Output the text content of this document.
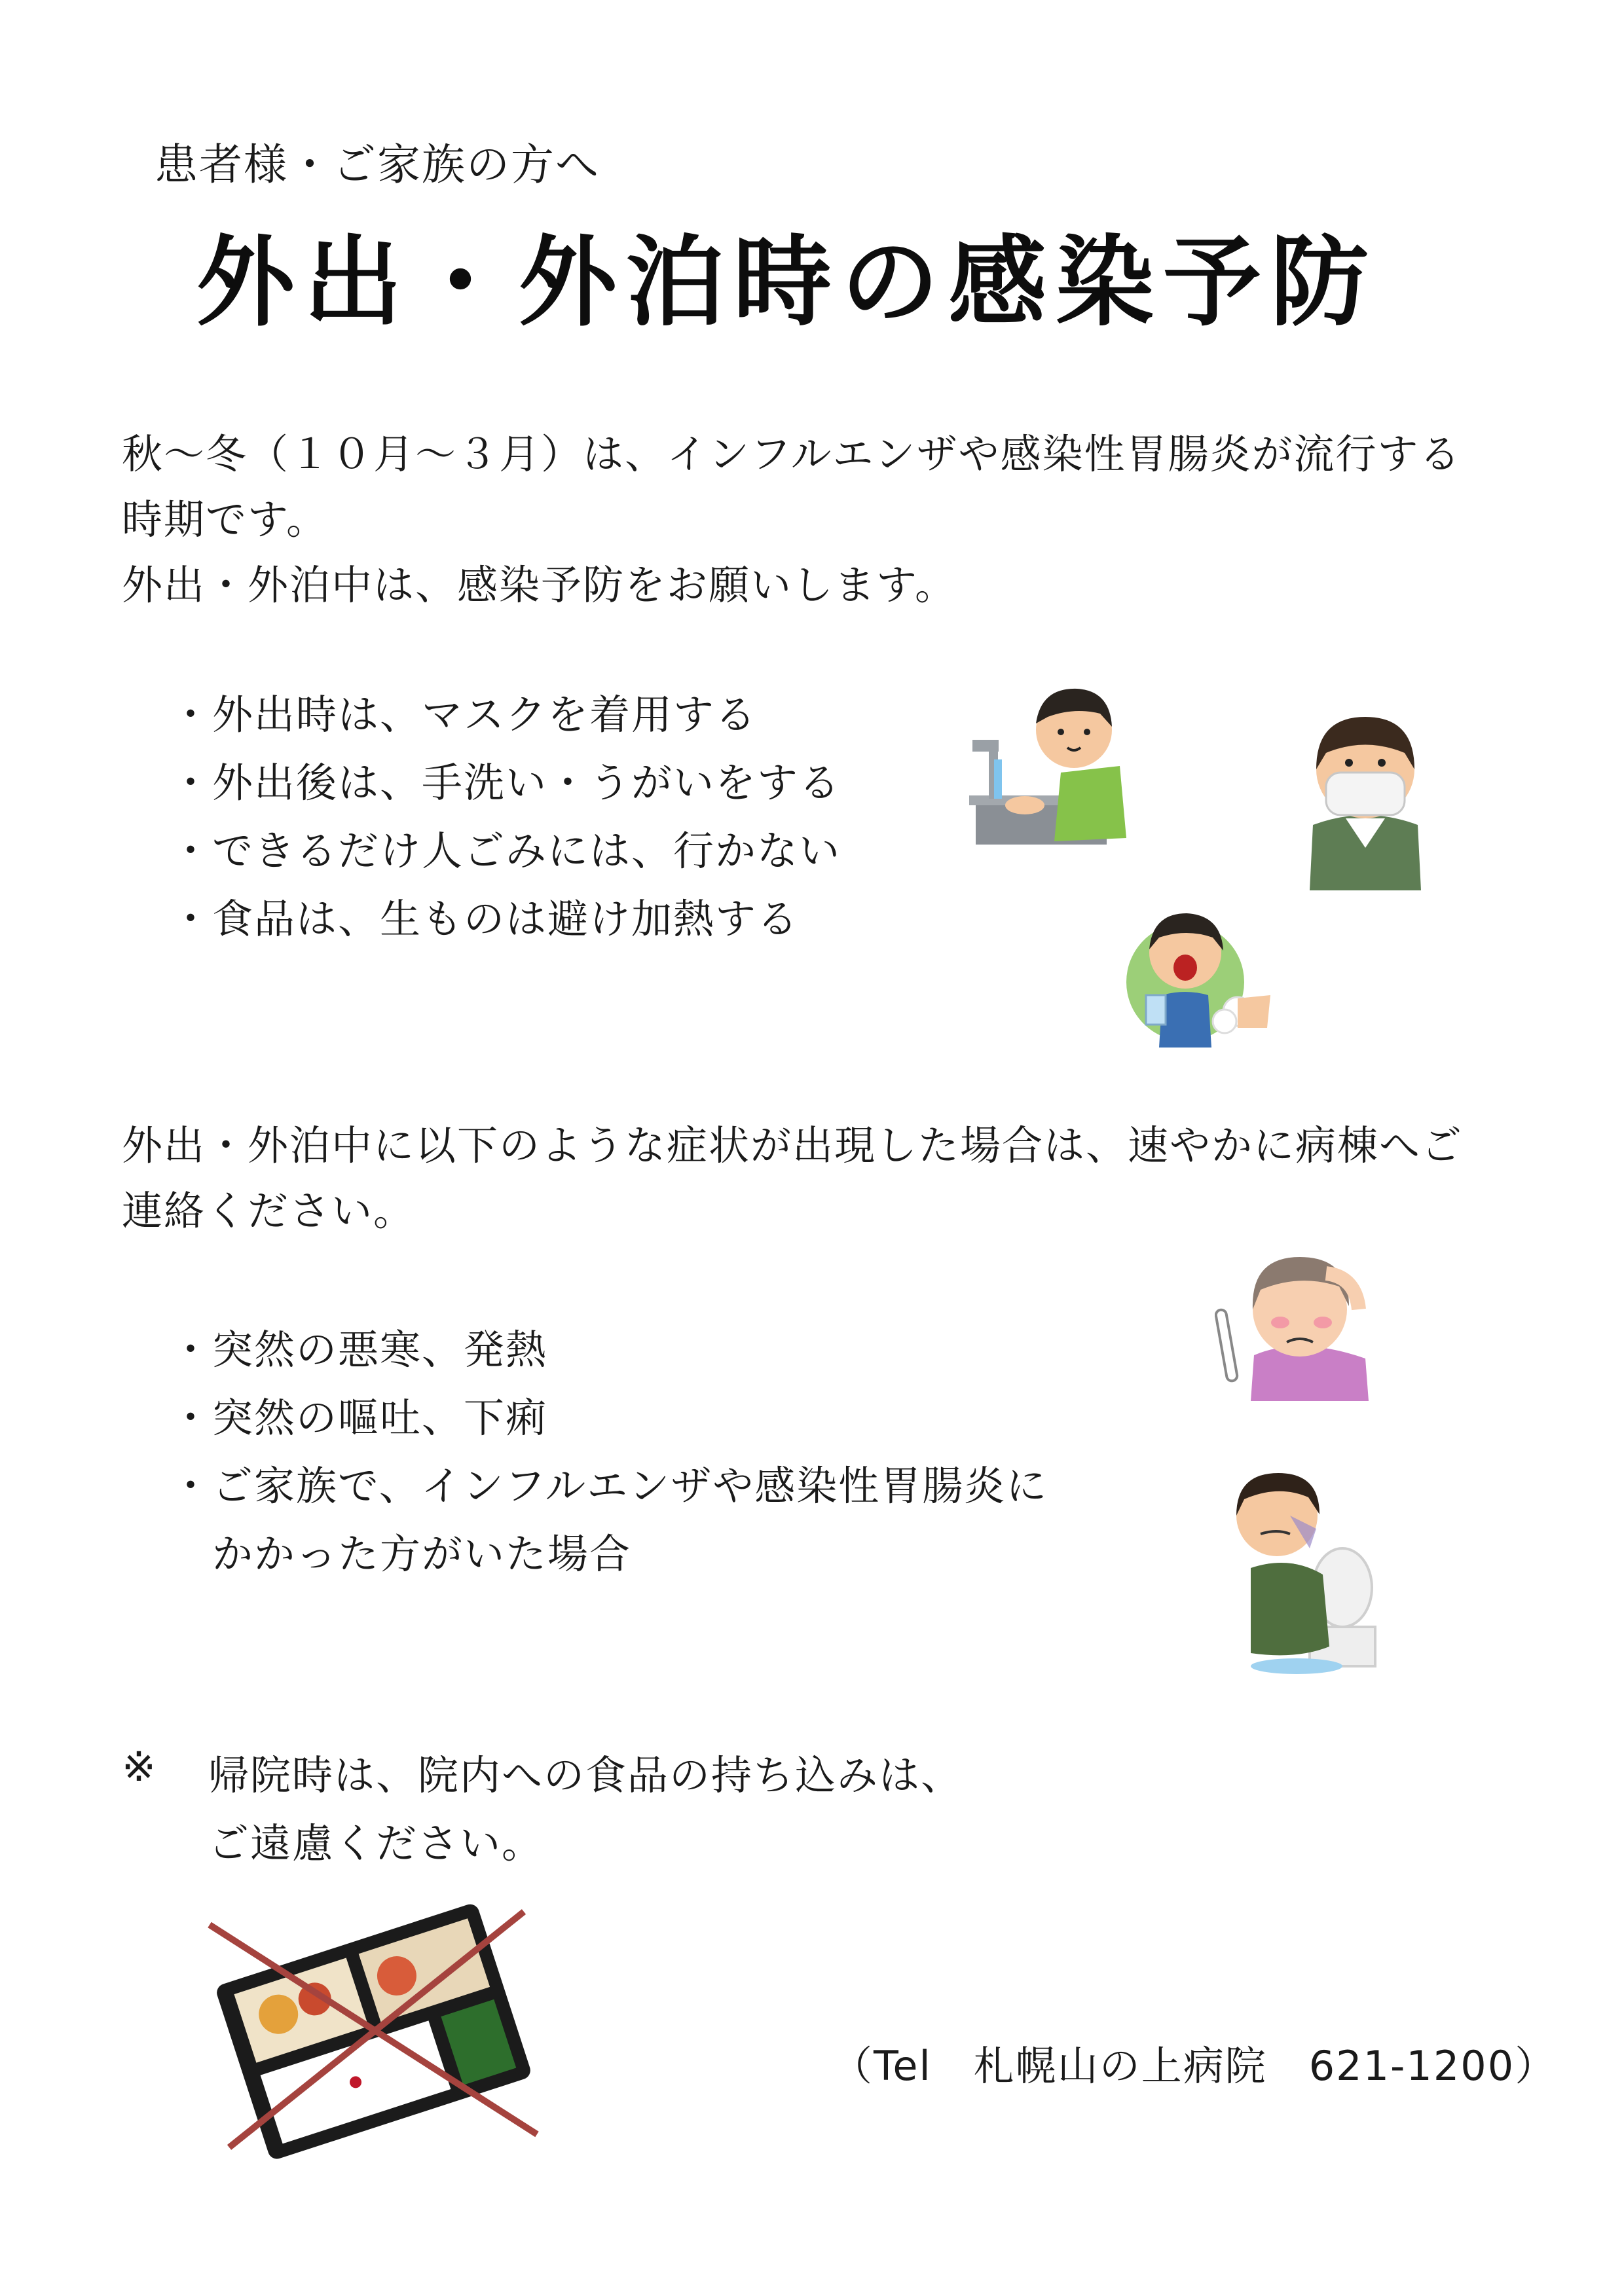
患者様・ご家族の方へ
外出・外泊時の感染予防
秋〜冬（１０月〜３月）は、インフルエンザや感染性胃腸炎が流行する
時期です。
外出・外泊中は、感染予防をお願いします。
・外出時は、マスクを着用する
・外出後は、手洗い・うがいをする
・できるだけ人ごみには、行かない
・食品は、生ものは避け加熱する
外出・外泊中に以下のような症状が出現した場合は、速やかに病棟へご
連絡ください。
・突然の悪寒、発熱
・突然の嘔吐、下痢
・ご家族で、インフルエンザや感染性胃腸炎に
　かかった方がいた場合
※ 帰院時は、院内への食品の持ち込みは、
ご遠慮ください。
（Tel　札幌山の上病院　621-1200）
